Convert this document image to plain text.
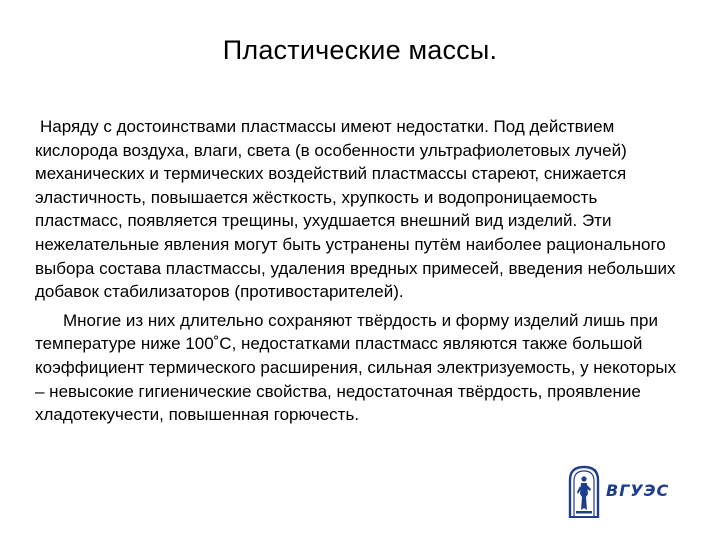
Пластические массы.

Наряду с достоинствами пластмассы имеют недостатки. Под действием кислорода воздуха, влаги, света (в особенности ультрафиолетовых лучей) механических и термических воздействий пластмассы стареют, снижается эластичность, повышается жёсткость, хрупкость и водопроницаемость пластмасс, появляется трещины, ухудшается внешний вид изделий. Эти нежелательные явления могут быть устранены путём наиболее рационального выбора состава пластмассы, удаления вредных примесей, введения небольших добавок стабилизаторов (противостарителей).

Многие из них длительно сохраняют твёрдость и форму изделий лишь при температуре ниже 100˚С, недостатками пластмасс являются также большой коэффициент термического расширения, сильная электризуемость, у некоторых – невысокие гигиенические свойства, недостаточная твёрдость, проявление хладотекучести, повышенная горючесть.

ВГУЭС
